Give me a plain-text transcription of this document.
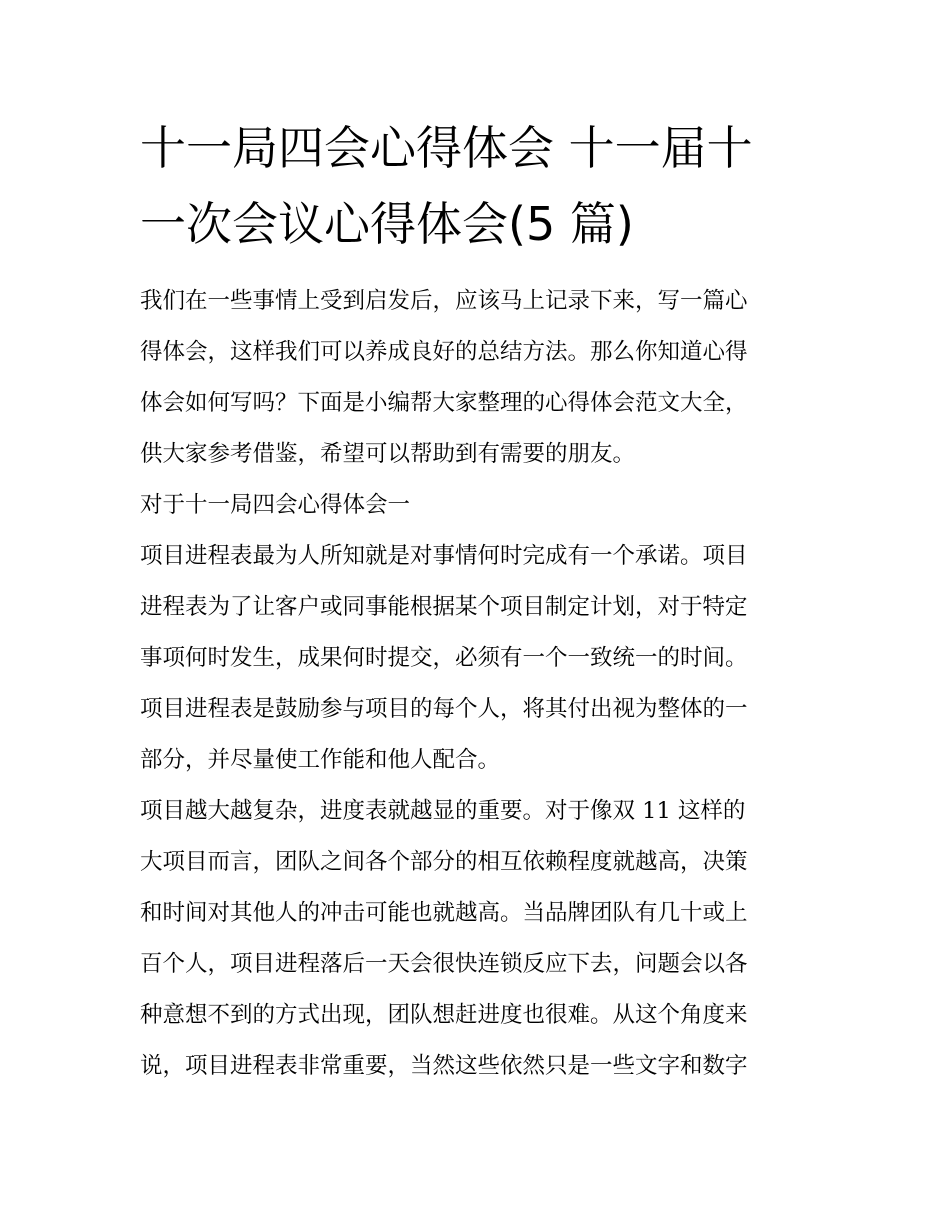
十一局四会心得体会 十一届十
一次会议心得体会(5 篇)
我们在一些事情上受到启发后，应该马上记录下来，写一篇心
得体会，这样我们可以养成良好的总结方法。那么你知道心得
体会如何写吗？下面是小编帮大家整理的心得体会范文大全，
供大家参考借鉴，希望可以帮助到有需要的朋友。
对于十一局四会心得体会一
项目进程表最为人所知就是对事情何时完成有一个承诺。项目
进程表为了让客户或同事能根据某个项目制定计划，对于特定
事项何时发生，成果何时提交，必须有一个一致统一的时间。
项目进程表是鼓励参与项目的每个人，将其付出视为整体的一
部分，并尽量使工作能和他人配合。
项目越大越复杂，进度表就越显的重要。对于像双 11 这样的
大项目而言，团队之间各个部分的相互依赖程度就越高，决策
和时间对其他人的冲击可能也就越高。当品牌团队有几十或上
百个人，项目进程落后一天会很快连锁反应下去，问题会以各
种意想不到的方式出现，团队想赶进度也很难。从这个角度来
说，项目进程表非常重要，当然这些依然只是一些文字和数字
